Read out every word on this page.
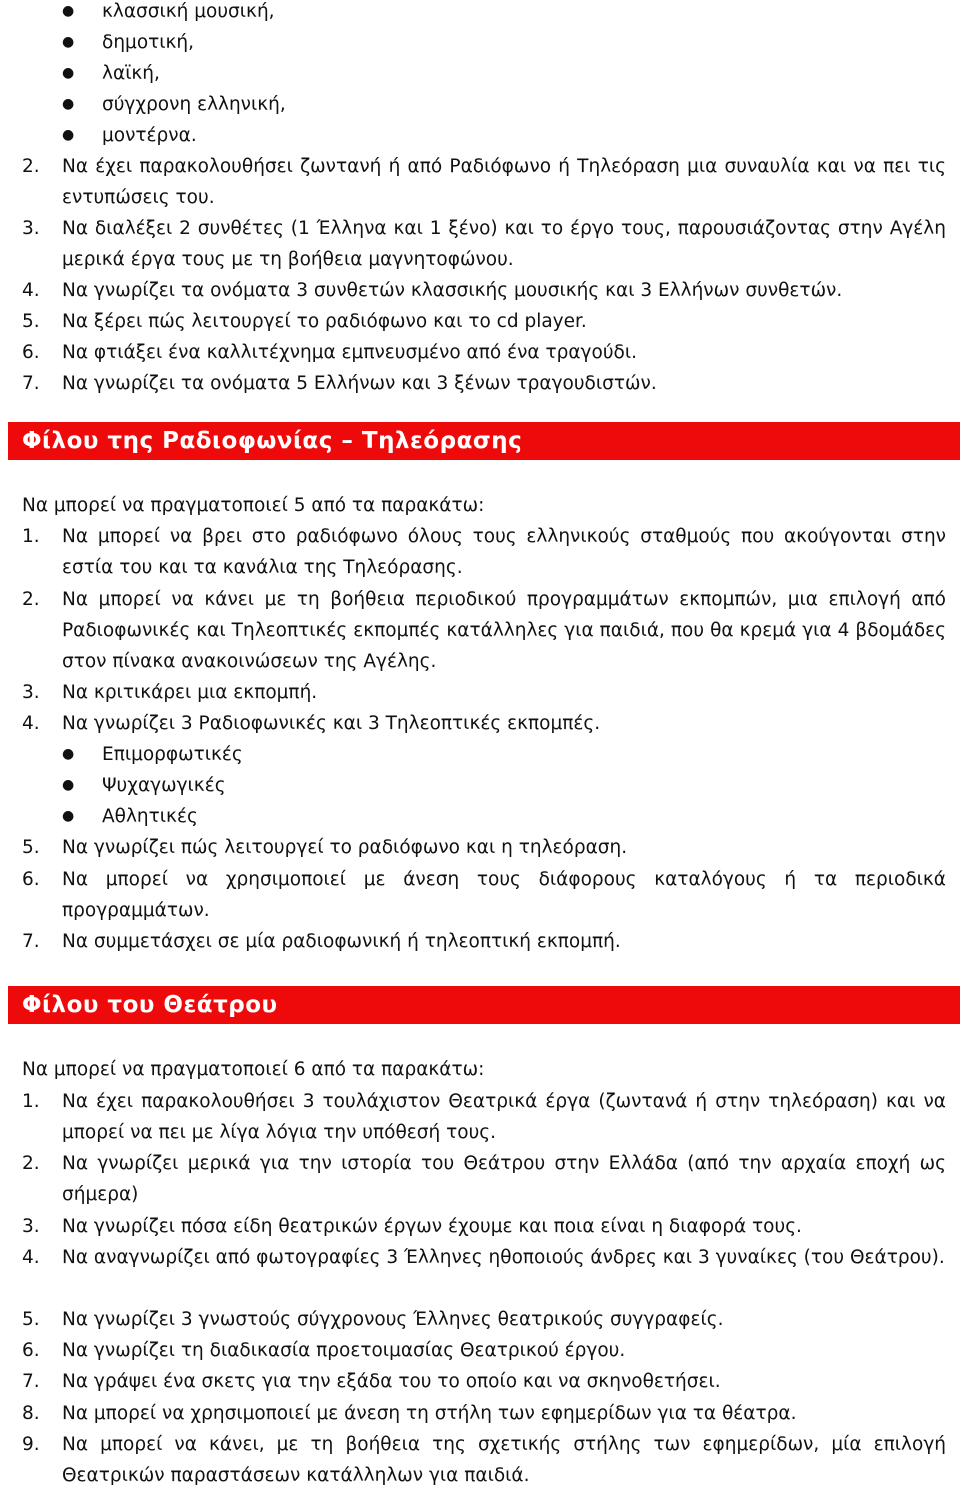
● κλασσική μουσική,
● δημοτική,
● λαϊκή,
● σύγχρονη ελληνική,
● μοντέρνα.
2. Να έχει παρακολουθήσει ζωντανή ή από Ραδιόφωνο ή Τηλεόραση μια συναυλία και να πει τις εντυπώσεις του.
3. Να διαλέξει 2 συνθέτες (1 Έλληνα και 1 ξένο) και το έργο τους, παρουσιάζοντας στην Αγέλη μερικά έργα τους με τη βοήθεια μαγνητοφώνου.
4. Να γνωρίζει τα ονόματα 3 συνθετών κλασσικής μουσικής και 3 Ελλήνων συνθετών.
5. Να ξέρει πώς λειτουργεί το ραδιόφωνο και το cd player.
6. Να φτιάξει ένα καλλιτέχνημα εμπνευσμένο από ένα τραγούδι.
7. Να γνωρίζει τα ονόματα 5 Ελλήνων και 3 ξένων τραγουδιστών.
Φίλου της Ραδιοφωνίας – Τηλεόρασης
Να μπορεί να πραγματοποιεί 5 από τα παρακάτω:
1. Να μπορεί να βρει στο ραδιόφωνο όλους τους ελληνικούς σταθμούς που ακούγονται στην εστία του και τα κανάλια της Τηλεόρασης.
2. Να μπορεί να κάνει με τη βοήθεια περιοδικού προγραμμάτων εκπομπών, μια επιλογή από Ραδιοφωνικές και Τηλεοπτικές εκπομπές κατάλληλες για παιδιά, που θα κρεμά για 4 βδομάδες στον πίνακα ανακοινώσεων της Αγέλης.
3. Να κριτικάρει μια εκπομπή.
4. Να γνωρίζει 3 Ραδιοφωνικές και 3 Τηλεοπτικές εκπομπές.
● Επιμορφωτικές
● Ψυχαγωγικές
● Αθλητικές
5. Να γνωρίζει πώς λειτουργεί το ραδιόφωνο και η τηλεόραση.
6. Να μπορεί να χρησιμοποιεί με άνεση τους διάφορους καταλόγους ή τα περιοδικά προγραμμάτων.
7. Να συμμετάσχει σε μία ραδιοφωνική ή τηλεοπτική εκπομπή.
Φίλου του Θεάτρου
Να μπορεί να πραγματοποιεί 6 από τα παρακάτω:
1. Να έχει παρακολουθήσει 3 τουλάχιστον Θεατρικά έργα (ζωντανά ή στην τηλεόραση) και να μπορεί να πει με λίγα λόγια την υπόθεσή τους.
2. Να γνωρίζει μερικά για την ιστορία του Θεάτρου στην Ελλάδα (από την αρχαία εποχή ως σήμερα)
3. Να γνωρίζει πόσα είδη θεατρικών έργων έχουμε και ποια είναι η διαφορά τους.
4. Να αναγνωρίζει από φωτογραφίες 3 Έλληνες ηθοποιούς άνδρες και 3 γυναίκες (του Θεάτρου).
5. Να γνωρίζει 3 γνωστούς σύγχρονους Έλληνες θεατρικούς συγγραφείς.
6. Να γνωρίζει τη διαδικασία προετοιμασίας Θεατρικού έργου.
7. Να γράψει ένα σκετς για την εξάδα του το οποίο και να σκηνοθετήσει.
8. Να μπορεί να χρησιμοποιεί με άνεση τη στήλη των εφημερίδων για τα θέατρα.
9. Να μπορεί να κάνει, με τη βοήθεια της σχετικής στήλης των εφημερίδων, μία επιλογή Θεατρικών παραστάσεων κατάλληλων για παιδιά.
